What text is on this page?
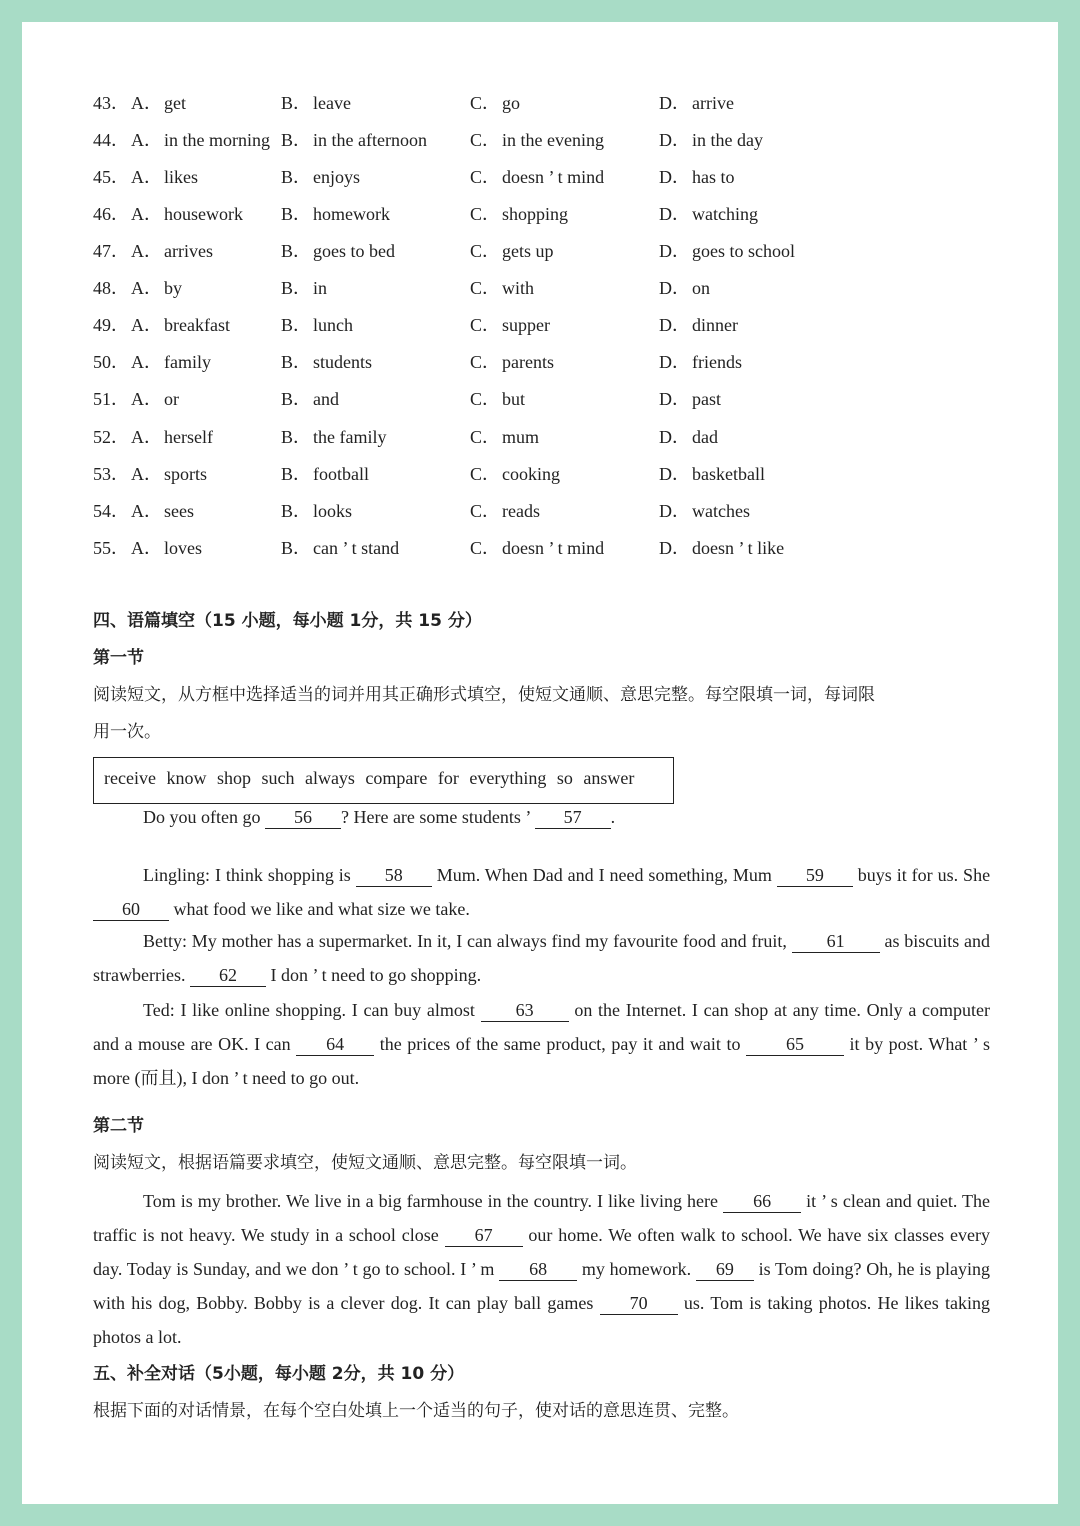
43． A． get	B． leave	C． go	D． arrive
44． A． in the morning B． in the afternoon C． in the evening	D． in the day
45． A． likes	B． enjoys	C． doesn ’ t mind	D． has to
46． A． housework B． homework	C． shopping	D． watching
47． A． arrives	B． goes to bed	C． gets up	D． goes to school
48． A． by	B． in	C． with	D． on
49． A． breakfast	B． lunch	C． supper	D． dinner
50． A． family	B． students	C． parents	D． friends
51． A． or	B． and	C． but	D． past
52． A． herself	B． the family	C． mum	D． dad
53． A． sports	B． football	C． cooking	D． basketball
54． A． sees	B． looks	C． reads	D． watches
55． A． loves	B． can ’ t stand	C． doesn ’ t mind	D． doesn ’ t like
四、语篇填空（15 小题，每小题 1分，共 15 分）
第一节
阅读短文，从方框中选择适当的词并用其正确形式填空，使短文通顺、意思完整。每空限填一词，每词限
用一次。
receive know shop such always compare for everything so answer
Do you often go 56 ? Here are some students ’ 57 .
Lingling: I think shopping is 58 Mum. When Dad and I need something, Mum 59 buys it for us. She 60 what food we like and what size we take.
Betty: My mother has a supermarket. In it, I can always find my favourite food and fruit, 61 as biscuits and strawberries. 62 I don ’ t need to go shopping.
Ted: I like online shopping. I can buy almost 63 on the Internet. I can shop at any time. Only a computer and a mouse are OK. I can 64 the prices of the same product, pay it and wait to	65	it by post. What ’ s more (而且), I don ’ t need to go out.
第二节
阅读短文，根据语篇要求填空，使短文通顺、意思完整。每空限填一词。
Tom is my brother. We live in a big farmhouse in the country. I like living here 66 it ’ s clean and quiet. The traffic is not heavy. We study in a school close 67 our home. We often walk to school. We have six classes every day. Today is Sunday, and we don ’ t go to school. I ’ m 68 my homework. 69 is Tom doing? Oh, he is playing with his dog, Bobby. Bobby is a clever dog. It can play ball games 70 us. Tom is taking photos. He likes taking photos a lot.
五、补全对话（5小题，每小题 2分，共 10 分）
根据下面的对话情景，在每个空白处填上一个适当的句子，使对话的意思连贯、完整。
